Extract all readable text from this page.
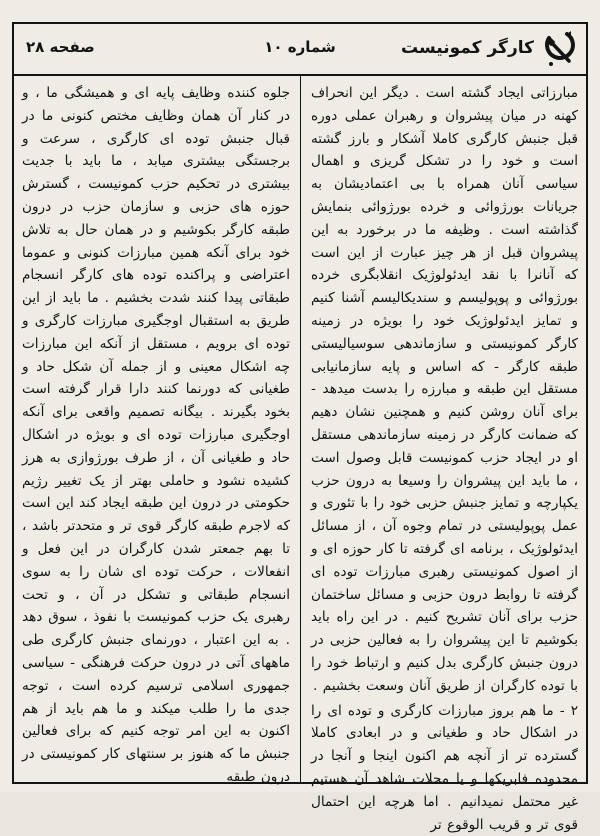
کارگر کمونیست
شماره ۱۰
صفحه ۲۸

مبارزاتی ایجاد گشته است . دیگر این انحراف کهنه در میان پیشروان و رهبران عملی دوره قبل جنبش کارگری کاملا آشکار و بارز گشته است و خود را در تشکل گریزی و اهمال سیاسی آنان همراه با بی اعتمادیشان به جریانات بورژوائی و خرده بورژوائی بنمایش گذاشته است . وظیفه ما در برخورد به این پیشروان قبل از هر چیز عبارت از این است که آنانرا با نقد ایدئولوژیک انقلابگری خرده بورژوائی و پوپولیسم و سندیکالیسم آشنا کنیم و تمایز ایدئولوژیک خود را بویژه در زمینه کارگر کمونیستی و سازماندهی سوسیالیستی طبقه کارگر - که اساس و پایه سازمانیابی مستقل این طبقه و مبارزه را بدست میدهد - برای آنان روشن کنیم و همچنین نشان دهیم که ضمانت کارگر در زمینه سازماندهی مستقل او در ایجاد حزب کمونیست قابل وصول است ، ما باید این پیشروان را وسیعا به درون حزب یکپارچه و تمایز جنبش حزبی خود را با تئوری و عمل پوپولیستی در تمام وجوه آن ، از مسائل ایدئولوژیک ، برنامه ای گرفته تا کار حوزه ای و از اصول کمونیستی رهبری مبارزات توده ای گرفته تا روابط درون حزبی و مسائل ساختمان حزب برای آنان تشریح کنیم . در این راه باید بکوشیم تا این پیشروان را به فعالین حزبی در درون جنبش کارگری بدل کنیم و ارتباط خود را با توده کارگران از طریق آنان وسعت بخشیم .

۲ - ما هم بروز مبارزات کارگری و توده ای را در اشکال حاد و طغیانی و در ابعادی کاملا گسترده تر از آنچه هم اکنون اینجا و آنجا در محدوده فابریکها و یا محلات شاهد آن هستیم غیر محتمل نمیدانیم . اما هرچه این احتمال قوی تر و قریب الوقوع تر

جلوه کننده وظایف پایه ای و همیشگی ما ، و در کنار آن همان وظایف مختص کنونی ما در قبال جنبش توده ای کارگری ، سرعت و برجستگی بیشتری میابد ، ما باید با جدیت بیشتری در تحکیم حزب کمونیست ، گسترش حوزه های حزبی و سازمان حزب در درون طبقه کارگر بکوشیم و در همان حال به تلاش خود برای آنکه همین مبارزات کنونی و عموما اعتراضی و پراکنده توده های کارگر انسجام طبقاتی پیدا کنند شدت بخشیم . ما باید از این طریق به استقبال اوجگیری مبارزات کارگری و توده ای برویم ، مستقل از آنکه این مبارزات چه اشکال معینی و از جمله آن شکل حاد و طغیانی که دورنما کنند دارا قرار گرفته است بخود بگیرند . بیگانه تصمیم واقعی برای آنکه اوجگیری مبارزات توده ای و بویژه در اشکال حاد و طغیانی آن ، از طرف بورژوازی به هرز کشیده نشود و حاملی بهتر از یک تغییر رژیم حکومتی در درون این طبقه ایجاد کند این است که لاجرم طبقه کارگر قوی تر و متحدتر باشد ، تا بهم جمعتر شدن کارگران در این فعل و انفعالات ، حرکت توده ای شان را به سوی انسجام طبقاتی و تشکل در آن ، و تحت رهبری یک حزب کمونیست با نفوذ ، سوق دهد . به این اعتبار ، دورنمای جنبش کارگری طی ماههای آتی در درون حرکت فرهنگی - سیاسی جمهوری اسلامی ترسیم کرده است ، توجه جدی ما را طلب میکند و ما هم باید از هم اکنون به این امر توجه کنیم که برای فعالین جنبش ما که هنوز بر سنتهای کار کمونیستی در درون طبقه
